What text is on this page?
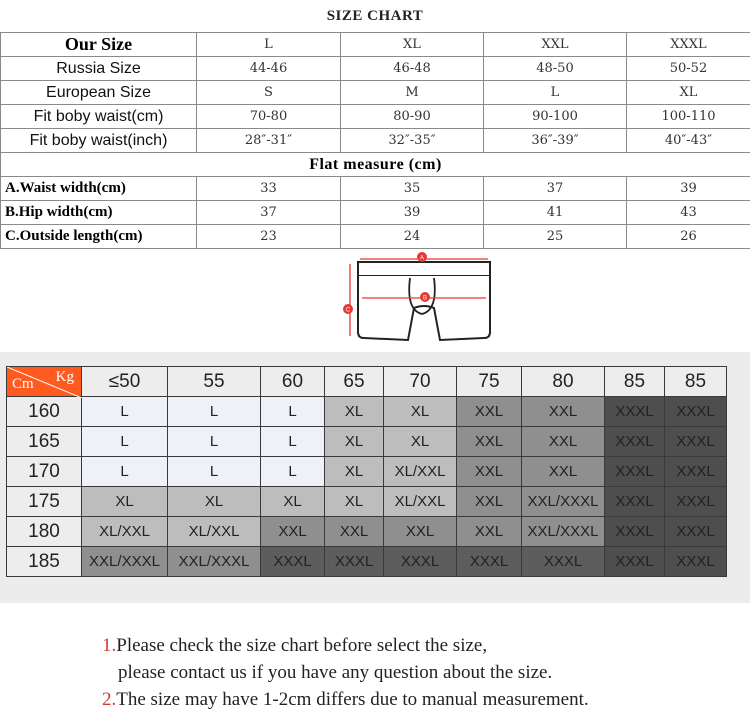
SIZE CHART
Our Size	L	XL	XXL	XXXL
Russia Size	44-46	46-48	48-50	50-52
European Size	S	M	L	XL
Fit boby waist(cm)	70-80	80-90	90-100	100-110
Fit boby waist(inch)	28″-31″	32″-35″	36″-39″	40″-43″
Flat measure (cm)				
A.Waist width(cm)	33	35	37	39
B.Hip width(cm)	37	39	41	43
C.Outside length(cm)	23	24	25	26
A
B
C
Cm Kg	≤50	55	60	65	70	75	80	85	85
160	L	L	L	XL	XL	XXL	XXL	XXXL	XXXL
165	L	L	L	XL	XL	XXL	XXL	XXXL	XXXL
170	L	L	L	XL	XL/XXL	XXL	XXL	XXXL	XXXL
175	XL	XL	XL	XL	XL/XXL	XXL	XXL/XXXL	XXXL	XXXL
180	XL/XXL	XL/XXL	XXL	XXL	XXL	XXL	XXL/XXXL	XXXL	XXXL
185	XXL/XXXL	XXL/XXXL	XXXL	XXXL	XXXL	XXXL	XXXL	XXXL	XXXL
1.Please check the size chart before select the size,
please contact us if you have any question about the size.
2.The size may have 1-2cm differs due to manual measurement.
